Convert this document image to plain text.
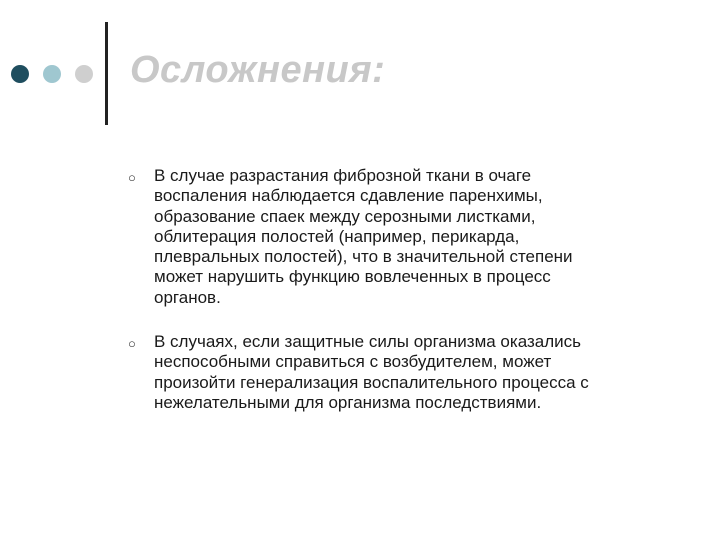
Осложнения:
○ В случае разрастания фиброзной ткани в очаге
воспаления наблюдается сдавление паренхимы,
образование спаек между серозными листками,
облитерация полостей (например, перикарда,
плевральных полостей), что в значительной степени
может нарушить функцию вовлеченных в процесс
органов.
○ В случаях, если защитные силы организма оказались
неспособными справиться с возбудителем, может
произойти генерализация воспалительного процесса с
нежелательными для организма последствиями.
